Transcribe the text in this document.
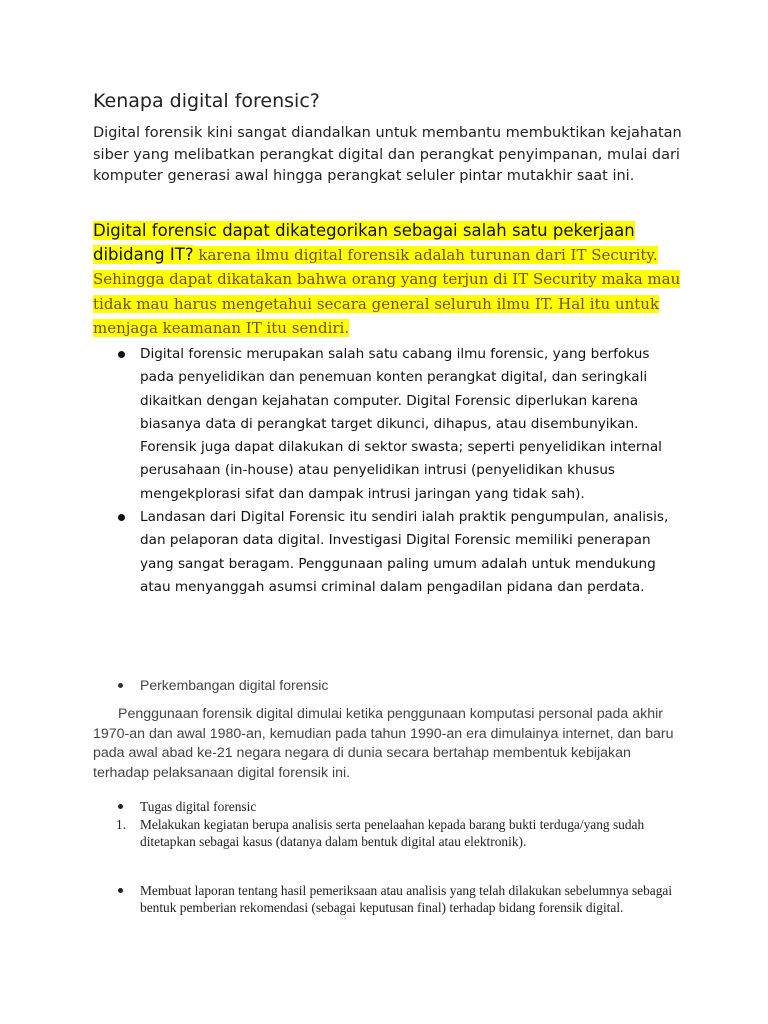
Kenapa digital forensic?
Digital forensik kini sangat diandalkan untuk membantu membuktikan kejahatan siber yang melibatkan perangkat digital dan perangkat penyimpanan, mulai dari komputer generasi awal hingga perangkat seluler pintar mutakhir saat ini.
Digital forensic dapat dikategorikan sebagai salah satu pekerjaan dibidang IT? karena ilmu digital forensik adalah turunan dari IT Security. Sehingga dapat dikatakan bahwa orang yang terjun di IT Security maka mau tidak mau harus mengetahui secara general seluruh ilmu IT. Hal itu untuk menjaga keamanan IT itu sendiri.
Digital forensic merupakan salah satu cabang ilmu forensic, yang berfokus pada penyelidikan dan penemuan konten perangkat digital, dan seringkali dikaitkan dengan kejahatan computer. Digital Forensic diperlukan karena biasanya data di perangkat target dikunci, dihapus, atau disembunyikan. Forensik juga dapat dilakukan di sektor swasta; seperti penyelidikan internal perusahaan (in-house) atau penyelidikan intrusi (penyelidikan khusus mengekplorasi sifat dan dampak intrusi jaringan yang tidak sah).
Landasan dari Digital Forensic itu sendiri ialah praktik pengumpulan, analisis, dan pelaporan data digital. Investigasi Digital Forensic memiliki penerapan yang sangat beragam. Penggunaan paling umum adalah untuk mendukung atau menyanggah asumsi criminal dalam pengadilan pidana dan perdata.
Perkembangan digital forensic
Penggunaan forensik digital dimulai ketika penggunaan komputasi personal pada akhir 1970-an dan awal 1980-an, kemudian pada tahun 1990-an era dimulainya internet, dan baru pada awal abad ke-21 negara negara di dunia secara bertahap membentuk kebijakan terhadap pelaksanaan digital forensik ini.
Tugas digital forensic
1. Melakukan kegiatan berupa analisis serta penelaahan kepada barang bukti terduga/yang sudah ditetapkan sebagai kasus (datanya dalam bentuk digital atau elektronik).
Membuat laporan tentang hasil pemeriksaan atau analisis yang telah dilakukan sebelumnya sebagai bentuk pemberian rekomendasi (sebagai keputusan final) terhadap bidang forensik digital.
